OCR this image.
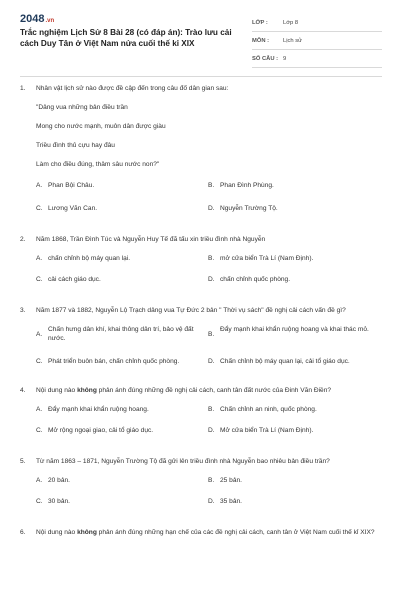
2048.vn
Trắc nghiệm Lịch Sử 8 Bài 28 (có đáp án): Trào lưu cải cách Duy Tân ở Việt Nam nửa cuối thế kỉ XIX
LỚP :	Lớp 8
MÔN :	Lịch sử
SỐ CÂU : 9
1.	Nhân vật lịch sử nào được đề cập đến trong câu đố dân gian sau:

"Dâng vua những bản điều trần

Mong cho nước mạnh, muôn dân được giàu

Triều đình thủ cựu hay đâu

Làm cho điều đúng, thâm sâu nước non?"

A. Phan Bội Châu.	B. Phan Đình Phùng.
C. Lương Văn Can.	D. Nguyễn Trường Tộ.
2.	Năm 1868, Trần Đình Túc và Nguyễn Huy Tế đã tấu xin triều đình nhà Nguyễn
A. chấn chỉnh bộ máy quan lại.	B. mở cửa biển Trà Lí (Nam Định).
C. cải cách giáo dục.	D. chấn chỉnh quốc phòng.
3.	Năm 1877 và 1882, Nguyễn Lộ Trạch dâng vua Tự Đức 2 bản " Thời vụ sách" đề nghị cải cách vấn đề gì?
A.
Chấn hưng dân khí, khai thông dân trí, bảo vệ đất nước.
B.
Đẩy mạnh khai khẩn ruộng hoang và khai thác mỏ.
C. Phát triển buôn bán, chấn chỉnh quốc phòng.	D. Chấn chỉnh bộ máy quan lại, cải tổ giáo dục.
4.	Nội dung nào không phản ánh đúng những đề nghị cải cách, canh tân đất nước của Đinh Văn Điền?
A. Đẩy mạnh khai khẩn ruộng hoang.	B. Chấn chỉnh an ninh, quốc phòng.
C. Mở rộng ngoại giao, cải tổ giáo dục.	D. Mở cửa biển Trà Lí (Nam Định).
5.	Từ năm 1863 – 1871, Nguyễn Trường Tộ đã gửi lên triều đình nhà Nguyễn bao nhiêu bản điều trần?
A. 20 bản.	B. 25 bản.
C. 30 bản.	D. 35 bản.
6.	Nội dung nào không phản ánh đúng những hạn chế của các đề nghị cải cách, canh tân ở Việt Nam cuối thế kỉ XIX?
